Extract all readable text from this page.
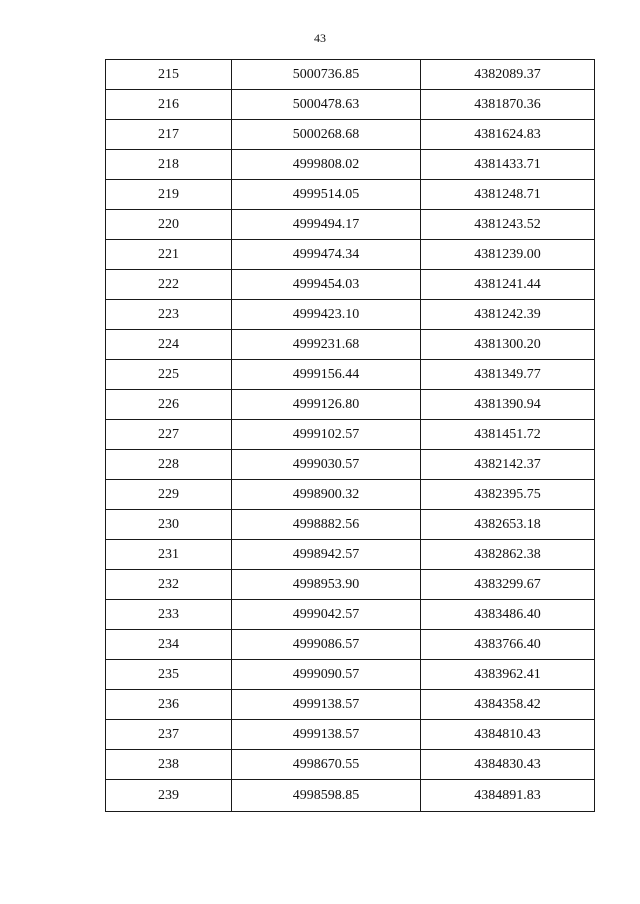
43
215	5000736.85	4382089.37
216	5000478.63	4381870.36
217	5000268.68	4381624.83
218	4999808.02	4381433.71
219	4999514.05	4381248.71
220	4999494.17	4381243.52
221	4999474.34	4381239.00
222	4999454.03	4381241.44
223	4999423.10	4381242.39
224	4999231.68	4381300.20
225	4999156.44	4381349.77
226	4999126.80	4381390.94
227	4999102.57	4381451.72
228	4999030.57	4382142.37
229	4998900.32	4382395.75
230	4998882.56	4382653.18
231	4998942.57	4382862.38
232	4998953.90	4383299.67
233	4999042.57	4383486.40
234	4999086.57	4383766.40
235	4999090.57	4383962.41
236	4999138.57	4384358.42
237	4999138.57	4384810.43
238	4998670.55	4384830.43
239	4998598.85	4384891.83
